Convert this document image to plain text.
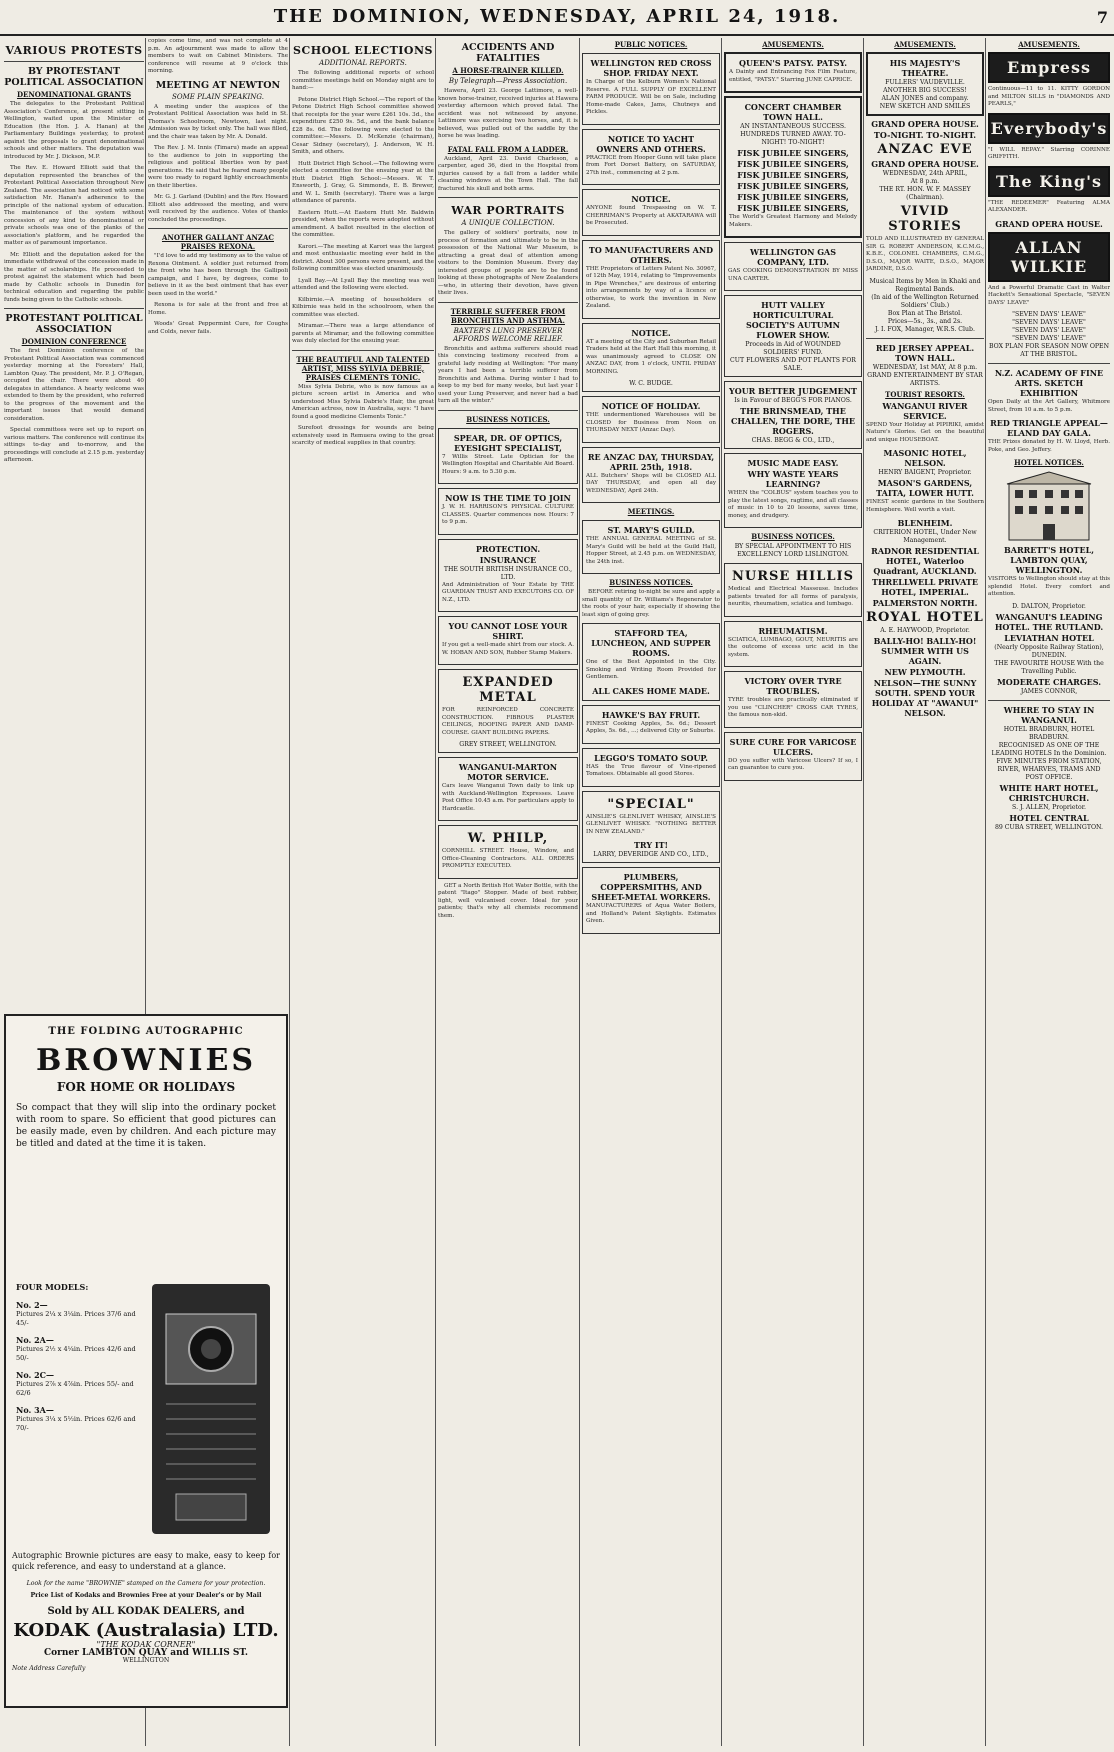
THE DOMINION, WEDNESDAY, APRIL 24, 1918.	7
VARIOUS PROTESTS
BY PROTESTANT POLITICAL ASSOCIATION
DENOMINATIONAL GRANTS

The delegates to the Protestant Political Association's Conference, at present sitting in Wellington, waited upon the Minister of Education (the Hon. J. A. Hanan) at the Parliamentary Buildings yesterday, to protest against the proposals to grant denominational schools and other matters. The deputation was introduced by Mr. J. Dickson, M.P.

The Rev. E. Howard Elliott said that the deputation represented the branches of the Protestant Political Association throughout New Zealand. The association had noticed with some satisfaction Mr. Hanan's adherence to the principle of the national system of education. The maintenance of the system without concession of any kind to denominational or private schools was one of the planks of the association's platform, and he regarded the matter as of paramount importance.

Mr. Elliott and the deputation asked for the immediate withdrawal of the concession made in the matter of scholarships. He proceeded to protest against the statement which had been made by Catholic schools in Dunedin for technical education and regarding the public funds being given to the Catholic schools.

PROTESTANT POLITICAL ASSOCIATION
DOMINION CONFERENCE

The first Dominion conference of the Protestant Political Association was commenced yesterday morning at the Foresters' Hall, Lambton Quay. The president, Mr. P. J. O'Regan, occupied the chair. There were about 40 delegates in attendance. A hearty welcome was extended to them by the president, who referred to the progress of the movement and the important issues that would demand consideration.

Special committees were set up to report on various matters. The conference will continue its sittings to-day and to-morrow, and the proceedings will conclude at 2.15 p.m. yesterday afternoon.

copies come time, and was not complete at 4 p.m. An adjournment was made to allow the members to wait on Cabinet Ministers. The conference will resume at 9 o'clock this morning.

MEETING AT NEWTON
SOME PLAIN SPEAKING.

A meeting under the auspices of the Protestant Political Association was held in St. Thomas's Schoolroom, Newtown, last night. Admission was by ticket only. The hall was filled, and the chair was taken by Mr. A. Donald.

The Rev. J. M. Innis (Timaru) made an appeal to the audience to join in supporting the religious and political liberties won by past generations. He said that he feared many people were too ready to regard lightly encroachments on their liberties.

Mr. G. J. Garland (Dublin) and the Rev. Howard Elliott also addressed the meeting, and were well received by the audience. Votes of thanks concluded the proceedings.

ANOTHER GALLANT ANZAC PRAISES REXONA.

"I'd love to add my testimony as to the value of Rexona Ointment. A soldier just returned from the front who has been through the Gallipoli campaign, and I have, by degrees, come to believe in it as the best ointment that has ever been used in the world."

Rexona is for sale at the front and free at Home.

Woods' Great Peppermint Cure, for Coughs and Colds, never fails.

SCHOOL ELECTIONS
ADDITIONAL REPORTS.

The following additional reports of school committee meetings held on Monday night are to hand:—

Petone District High School.—The report of the Petone District High School committee showed that receipts for the year were £261 10s. 3d., the expenditure £250 9s. 5d., and the bank balance £28 8s. 6d. The following were elected to the committee:—Messrs. D. McKenzie (chairman), Cesar Sidney (secretary), J. Anderson, W. H. Smith, and others.

Hutt District High School.—The following were elected a committee for the ensuing year at the Hutt District High School:—Messrs. W. T. Ensworth, J. Gray, G. Simmonds, E. B. Brewer, and W. L. Smith (secretary). There was a large attendance of parents.

Eastern Hutt.—At Eastern Hutt Mr. Baldwin presided, when the reports were adopted without amendment. A ballot resulted in the election of the committee.

Karori.—The meeting at Karori was the largest and most enthusiastic meeting ever held in the district. About 300 persons were present, and the following committee was elected unanimously.

Lyall Bay.—At Lyall Bay the meeting was well attended and the following were elected.

Kilbirnie.—A meeting of householders of Kilbirnie was held in the schoolroom, when the committee was elected.

Miramar.—There was a large attendance of parents at Miramar, and the following committee was duly elected for the ensuing year.

THE BEAUTIFUL AND TALENTED ARTIST, MISS SYLVIA DEBRIE, PRAISES CLEMENTS TONIC.

Miss Sylvia Debrie, who is now famous as a picture screen artist in America and who understood Miss Sylvia Dabrie's Hair, the great American actress, now in Australia, says: "I have found a good medicine Clements Tonic."

Surefoot dressings for wounds are being extensively used in Remuera owing to the great scarcity of medical supplies in that country.

ACCIDENTS AND FATALITIES
A HORSE-TRAINER KILLED.
By Telegraph—Press Association.

Hawera, April 23. George Lattimore, a well-known horse-trainer, received injuries at Hawera yesterday afternoon which proved fatal. The accident was not witnessed by anyone. Lattimore was exercising two horses, and, it is believed, was pulled out of the saddle by the horse he was leading.

FATAL FALL FROM A LADDER.

Auckland, April 23. David Charleson, a carpenter, aged 36, died in the Hospital from injuries caused by a fall from a ladder while cleaning windows at the Town Hall. The fall fractured his skull and both arms.

WAR PORTRAITS
A UNIQUE COLLECTION.

The gallery of soldiers' portraits, now in process of formation and ultimately to be in the possession of the National War Museum, is attracting a great deal of attention among visitors to the Dominion Museum. Every day interested groups of people are to be found looking at these photographs of New Zealanders—who, in uttering their devotion, have given their lives.

TERRIBLE SUFFERER FROM BRONCHITIS AND ASTHMA.
BAXTER'S LUNG PRESERVER AFFORDS WELCOME RELIEF.

Bronchitis and asthma sufferers should read this convincing testimony received from a grateful lady residing at Wellington: "For many years I had been a terrible sufferer from Bronchitis and Asthma. During winter I had to keep to my bed for many weeks, but last year I used your Lung Preserver, and never had a bad turn all the winter."

BUSINESS NOTICES.
SPEAR, DR. OF OPTICS, EYESIGHT SPECIALIST,

7 Willis Street. Late Optician for the Wellington Hospital and Charitable Aid Board. Hours: 9 a.m. to 5.30 p.m.

NOW IS THE TIME TO JOIN

J. W. H. HARRISON'S PHYSICAL CULTURE CLASSES. Quarter commences now. Hours: 7 to 9 p.m.

PROTECTION.
INSURANCE
THE SOUTH BRITISH INSURANCE CO., LTD.

And Administration of Your Estate by THE GUARDIAN TRUST AND EXECUTORS CO. OF N.Z., LTD.

YOU CANNOT LOSE YOUR SHIRT.

If you get a well-made shirt from our stock. A. W. HOBAN AND SON, Rubber Stamp Makers.

EXPANDED METAL

FOR REINFORCED CONCRETE CONSTRUCTION. FIBROUS PLASTER CEILINGS, ROOFING PAPER AND DAMP-COURSE. GIANT BUILDING PAPERS.

GREY STREET, WELLINGTON.
WANGANUI-MARTON MOTOR SERVICE.

Cars leave Wanganui Town daily to link up with Auckland-Wellington Expresses. Leave Post Office 10.45 a.m. For particulars apply to Hardcastle.

W. PHILP,

CORNHILL STREET. House, Window, and Office-Cleaning Contractors. ALL ORDERS PROMPTLY EXECUTED.

GET a North British Hot Water Bottle, with the patent "Itago" Stopper. Made of best rubber, light, well vulcanised cover. Ideal for your patients; that's why all chemists recommend them.

PUBLIC NOTICES.
WELLINGTON RED CROSS SHOP. FRIDAY NEXT.

In Charge of the Kelburn Women's National Reserve. A FULL SUPPLY OF EXCELLENT FARM PRODUCE. Will be on Sale, including Home-made Cakes, Jams, Chutneys and Pickles.

NOTICE TO YACHT OWNERS AND OTHERS.

PRACTICE from Hooper Gunn will take place from Fort Dorset Battery, on SATURDAY, 27th inst., commencing at 2 p.m.

NOTICE.

ANYONE found Trespassing on W. T. CHERRIMAN'S Property at AKATARAWA will be Prosecuted.

TO MANUFACTURERS AND OTHERS.

THE Proprietors of Letters Patent No. 30967, of 12th May, 1914, relating to "Improvements in Pipe Wrenches," are desirous of entering into arrangements by way of a licence or otherwise, to work the invention in New Zealand.

NOTICE.

AT a meeting of the City and Suburban Retail Traders held at the Hart Hall this morning, it was unanimously agreed to CLOSE ON ANZAC DAY, from 1 o'clock, UNTIL FRIDAY MORNING.

W. C. BUDGE.
NOTICE OF HOLIDAY.

THE undermentioned Warehouses will be CLOSED for Business from Noon on THURSDAY NEXT (Anzac Day).

RE ANZAC DAY, THURSDAY, APRIL 25th, 1918.

ALL Butchers' Shops will be CLOSED ALL DAY THURSDAY, and open all day WEDNESDAY, April 24th.

MEETINGS.
ST. MARY'S GUILD.

THE ANNUAL GENERAL MEETING of St. Mary's Guild will be held at the Guild Hall, Hopper Street, at 2.45 p.m. on WEDNESDAY, the 24th inst.

BUSINESS NOTICES.

BEFORE retiring to-night be sure and apply a small quantity of Dr. Williams's Regenerator to the roots of your hair, especially if showing the least sign of going grey.

STAFFORD TEA, LUNCHEON, AND SUPPER ROOMS.

One of the Best Appointed in the City. Smoking and Writing Room Provided for Gentlemen.

ALL CAKES HOME MADE.
HAWKE'S BAY FRUIT.

FINEST Cooking Apples, 5s. 6d.; Dessert Apples, 5s. 6d., ...; delivered City or Suburbs.

LEGGO'S TOMATO SOUP.

HAS the True flavour of Vine-ripened Tomatoes. Obtainable all good Stores.

"SPECIAL"

AINSLIE'S GLENLIVET WHISKY, AINSLIE'S GLENLIVET WHISKY. "NOTHING BETTER IN NEW ZEALAND."

TRY IT!
LARRY, DEVERIDGE AND CO., LTD.,
PLUMBERS, COPPERSMITHS, AND SHEET-METAL WORKERS.

MANUFACTURERS of Aqua Water Boilers, and Holland's Patent Skylights. Estimates Given.

AMUSEMENTS.
QUEEN'S PATSY. PATSY.

A Dainty and Entrancing Fox Film Feature, entitled, "PATSY." Starring JUNE CAPRICE.

CONCERT CHAMBER TOWN HALL.
AN INSTANTANEOUS SUCCESS. HUNDREDS TURNED AWAY. TO-NIGHT! TO-NIGHT!
FISK JUBILEE SINGERS,
FISK JUBILEE SINGERS,
FISK JUBILEE SINGERS,
FISK JUBILEE SINGERS,
FISK JUBILEE SINGERS,
FISK JUBILEE SINGERS,

The World's Greatest Harmony and Melody Makers.

WELLINGTON GAS COMPANY, LTD.

GAS COOKING DEMONSTRATION BY MISS UNA CARTER.

HUTT VALLEY HORTICULTURAL SOCIETY'S AUTUMN FLOWER SHOW.
Proceeds in Aid of WOUNDED SOLDIERS' FUND.
CUT FLOWERS AND POT PLANTS FOR SALE.
YOUR BETTER JUDGEMENT
Is in Favour of BEGG'S FOR PIANOS.
THE BRINSMEAD, THE CHALLEN, THE DORE, THE ROGERS.
CHAS. BEGG & CO., LTD.,
MUSIC MADE EASY.
WHY WASTE YEARS LEARNING?

WHEN the "COLBUS" system teaches you to play the latest songs, ragtime, and all classes of music in 10 to 20 lessons, saves time, money, and drudgery.

BUSINESS NOTICES.
BY SPECIAL APPOINTMENT TO HIS EXCELLENCY LORD LISLINGTON.
NURSE HILLIS

Medical and Electrical Masseuse. Includes patients treated for all forms of paralysis, neuritis, rheumatism, sciatica and lumbago.

RHEUMATISM.

SCIATICA, LUMBAGO, GOUT, NEURITIS are the outcome of excess uric acid in the system.

VICTORY OVER TYRE TROUBLES.

TYRE troubles are practically eliminated if you use "CLINCHER" CROSS CAR TYRES, the famous non-skid.

SURE CURE FOR VARICOSE ULCERS.

DO you suffer with Varicose Ulcers? If so, I can guarantee to cure you.

AMUSEMENTS.
HIS MAJESTY'S THEATRE.
FULLERS' VAUDEVILLE.
ANOTHER BIG SUCCESS!
ALAN JONES and company.
NEW SKETCH AND SMILES
GRAND OPERA HOUSE.
TO-NIGHT. TO-NIGHT.
ANZAC EVE
GRAND OPERA HOUSE.
WEDNESDAY, 24th APRIL,
At 8 p.m.
THE RT. HON. W. F. MASSEY (Chairman).
VIVID STORIES

TOLD AND ILLUSTRATED BY GENERAL SIR G. ROBERT ANDERSON, K.C.M.G., K.B.E., COLONEL CHAMBERS, C.M.G., D.S.O., MAJOR WAITE, D.S.O., MAJOR JARDINE, D.S.O.

Musical Items by Men in Khaki and Regimental Bands.
(In aid of the Wellington Returned Soldiers' Club.)
Box Plan at The Bristol.
Prices—5s., 3s., and 2s.
J. I. FOX, Manager, W.R.S. Club.
RED JERSEY APPEAL. TOWN HALL.
WEDNESDAY, 1st MAY, At 8 p.m.
GRAND ENTERTAINMENT BY STAR ARTISTS.
TOURIST RESORTS.
WANGANUI RIVER SERVICE.

SPEND Your Holiday at PIPIRIKI, amidst Nature's Glories. Get on the beautiful and unique HOUSEBOAT.

MASONIC HOTEL, NELSON.
HENRY BAIGENT, Proprietor.
MASON'S GARDENS, TAITA, LOWER HUTT.

FINEST scenic gardens in the Southern Hemisphere. Well worth a visit.

BLENHEIM.
CRITERION HOTEL, Under New Management.
RADNOR RESIDENTIAL HOTEL, Waterloo Quadrant, AUCKLAND.
THRELLWELL PRIVATE HOTEL, IMPERIAL.
PALMERSTON NORTH.
ROYAL HOTEL
A. E. HAYWOOD, Proprietor.
BALLY-HO! BALLY-HO! SUMMER WITH US AGAIN.
NEW PLYMOUTH.
NELSON—THE SUNNY SOUTH. SPEND YOUR HOLIDAY AT "AWANUI" NELSON.
AMUSEMENTS.
Empress

Continuous—11 to 11. KITTY GORDON and MILTON SILLS in "DIAMONDS AND PEARLS,"

Everybody's

"I WILL REPAY." Starring CORINNE GRIFFITH.

The King's

"THE REDEEMER" Featuring ALMA ALEXANDER.

GRAND OPERA HOUSE.
ALLAN WILKIE

And a Powerful Dramatic Cast in Walter Hackett's Sensational Spectacle, "SEVEN DAYS' LEAVE"

"SEVEN DAYS' LEAVE"
"SEVEN DAYS' LEAVE"
"SEVEN DAYS' LEAVE"
"SEVEN DAYS' LEAVE"
BOX PLAN FOR SEASON NOW OPEN AT THE BRISTOL.
N.Z. ACADEMY OF FINE ARTS. SKETCH EXHIBITION

Open Daily at the Art Gallery, Whitmore Street, from 10 a.m. to 5 p.m.

RED TRIANGLE APPEAL—ELAND DAY GALA.

THE Prizes donated by H. W. Lloyd, Herb. Poke, and Geo. Jeffery.

HOTEL NOTICES.
BARRETT'S HOTEL, LAMBTON QUAY, WELLINGTON.

VISITORS to Wellington should stay at this splendid Hotel. Every comfort and attention.

D. DALTON, Proprietor.
WANGANUI'S LEADING HOTEL. THE RUTLAND.
LEVIATHAN HOTEL
(Nearly Opposite Railway Station), DUNEDIN.
THE FAVOURITE HOUSE With the Travelling Public.
MODERATE CHARGES.
JAMES CONNOR,
WHERE TO STAY IN WANGANUI.
HOTEL BRADBURN, HOTEL BRADBURN.
RECOGNISED AS ONE OF THE LEADING HOTELS In the Dominion.
FIVE MINUTES FROM STATION, RIVER, WHARVES, TRAMS AND POST OFFICE.
WHITE HART HOTEL, CHRISTCHURCH.
S. J. ALLEN, Proprietor.
HOTEL CENTRAL
89 CUBA STREET, WELLINGTON.
THE FOLDING AUTOGRAPHIC
BROWNIES
FOR HOME OR HOLIDAYS
So compact that they will slip into the ordinary pocket with room to spare. So efficient that good pictures can be easily made, even by children. And each picture may be titled and dated at the time it is taken.
FOUR MODELS:
No. 2—
Pictures 2¼ x 3¼in. Prices 37/6 and 45/-
No. 2A—
Pictures 2½ x 4¼in. Prices 42/6 and 50/-
No. 2C—
Pictures 2⅞ x 4⅞in. Prices 55/- and 62/6
No. 3A—
Pictures 3¼ x 5½in. Prices 62/6 and 70/-
Autographic Brownie pictures are easy to make, easy to keep for quick reference, and easy to understand at a glance.
Look for the name "BROWNIE" stamped on the Camera for your protection.
Price List of Kodaks and Brownies Free at your Dealer's or by Mail
Sold by ALL KODAK DEALERS, and
KODAK (Australasia) LTD.
"THE KODAK CORNER"
Corner LAMBTON QUAY and WILLIS ST.
WELLINGTON
Note Address Carefully
